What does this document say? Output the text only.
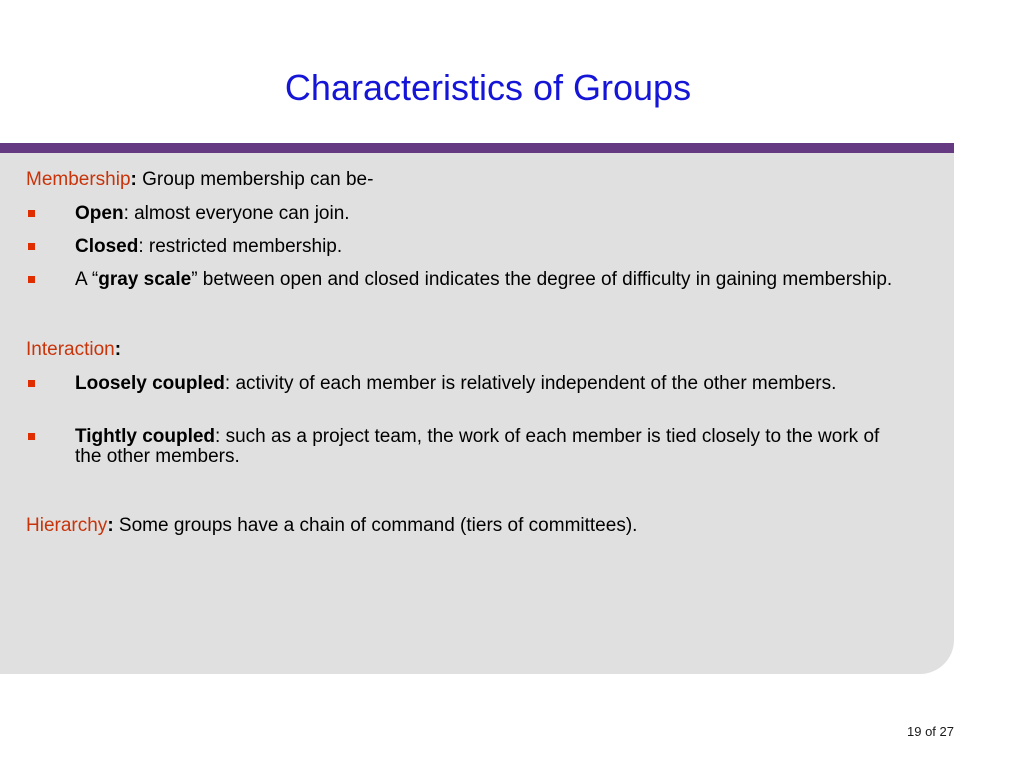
Characteristics of Groups
Membership: Group membership can be-
Open: almost everyone can join.
Closed: restricted membership.
A “gray scale” between open and closed indicates the degree of difficulty in gaining membership.
Interaction:
Loosely coupled: activity of each member is relatively independent of the other members.
Tightly coupled: such as a project team, the work of each member is tied closely to the work of the other members.
Hierarchy: Some groups have a chain of command (tiers of committees).
19 of 27
